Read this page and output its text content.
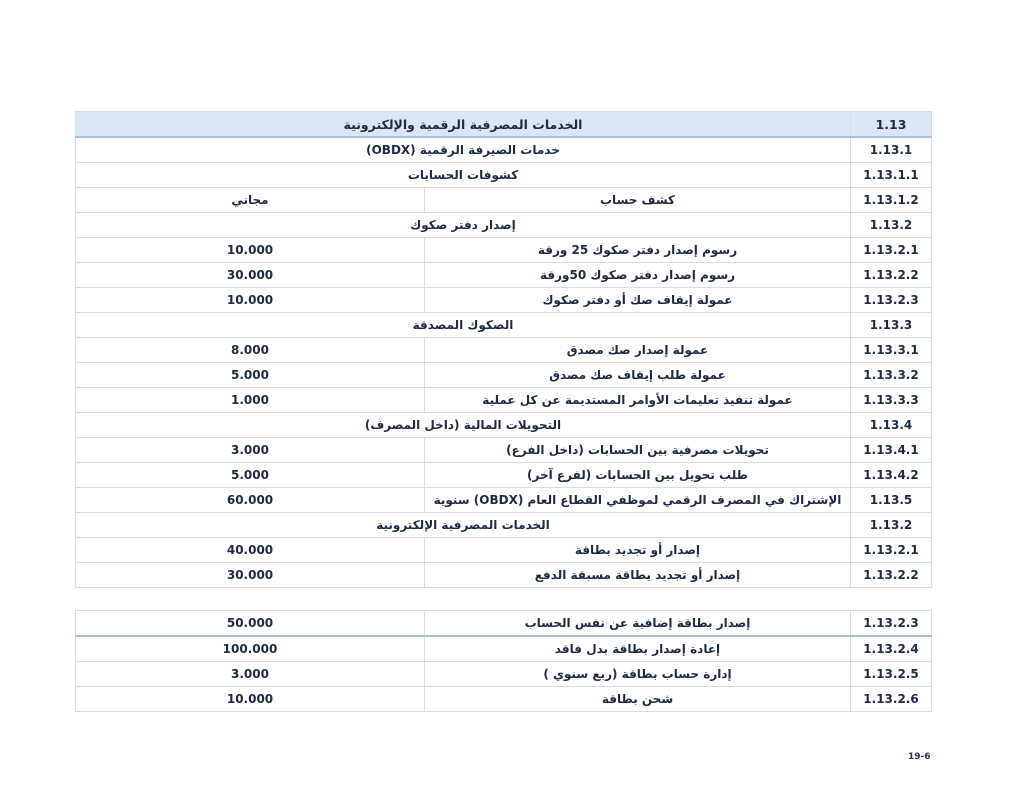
الخدمات المصرفية الرقمية والإلكترونية		1.13
خدمات الصيرفة الرقمية (OBDX)		1.13.1
كشوفات الحسابات		1.13.1.1
مجاني	كشف حساب	1.13.1.2
إصدار دفتر صكوك		1.13.2
10.000	رسوم إصدار دفتر صكوك 25 ورقة	1.13.2.1
30.000	رسوم إصدار دفتر صكوك 50ورقة	1.13.2.2
10.000	عمولة إيقاف صك أو دفتر صكوك	1.13.2.3
الصكوك المصدقة		1.13.3
8.000	عمولة إصدار صك مصدق	1.13.3.1
5.000	عمولة طلب إيقاف صك مصدق	1.13.3.2
1.000	عمولة تنفيذ تعليمات الأوامر المستديمة عن كل عملية	1.13.3.3
التحويلات المالية (داخل المصرف)		1.13.4
3.000	تحويلات مصرفية بين الحسابات (داخل الفرع)	1.13.4.1
5.000	طلب تحويل بين الحسابات (لفرع آخر)	1.13.4.2
60.000	الإشتراك في المصرف الرقمي لموظفي القطاع العام (OBDX) سنوية	1.13.5
الخدمات المصرفية الإلكترونية		1.13.2
40.000	إصدار أو تجديد بطاقة	1.13.2.1
30.000	إصدار أو تجديد بطاقة مسبقة الدفع	1.13.2.2
50.000	إصدار بطاقة إضافية عن نفس الحساب	1.13.2.3
100.000	إعادة إصدار بطاقة بدل فاقد	1.13.2.4
3.000	إدارة حساب بطاقة (ربع سنوي )	1.13.2.5
10.000	شحن بطاقة	1.13.2.6
19-6
